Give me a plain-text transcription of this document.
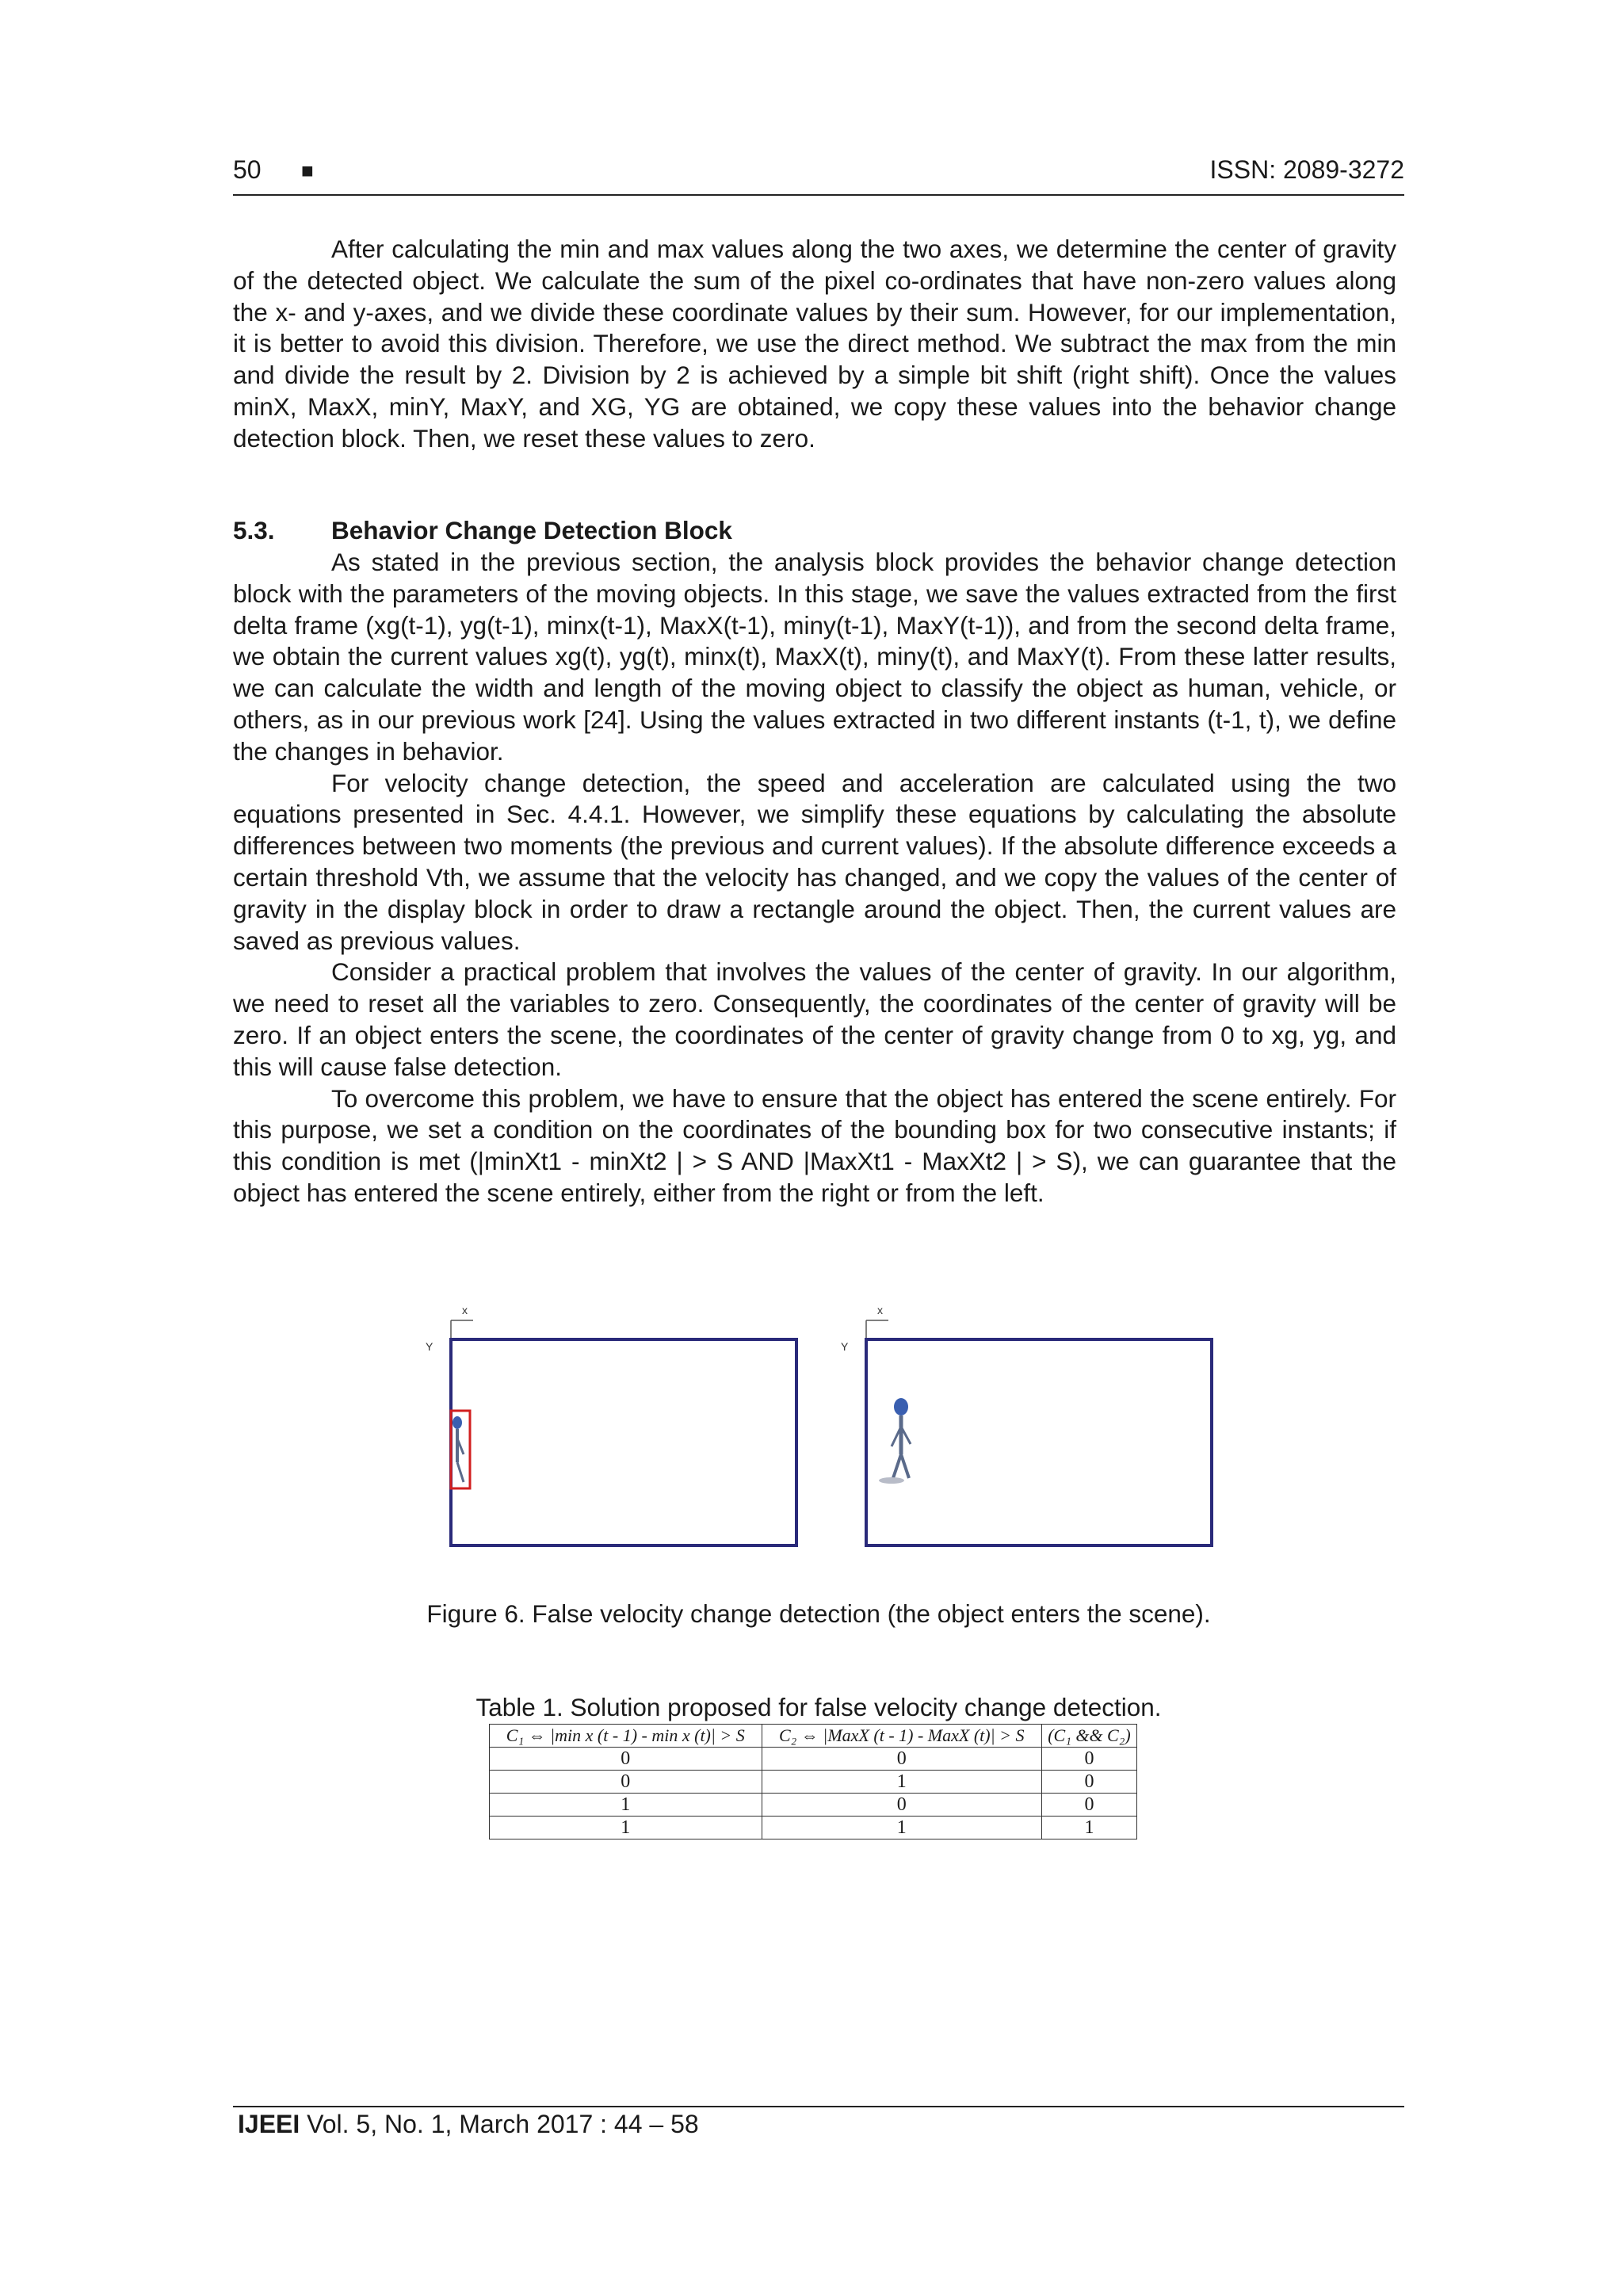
50 ■	ISSN: 2089-3272

After calculating the min and max values along the two axes, we determine the center of gravity of the detected object. We calculate the sum of the pixel co-ordinates that have non-zero values along the x- and y-axes, and we divide these coordinate values by their sum. However, for our implementation, it is better to avoid this division. Therefore, we use the direct method. We subtract the max from the min and divide the result by 2. Division by 2 is achieved by a simple bit shift (right shift). Once the values minX, MaxX, minY, MaxY, and XG, YG are obtained, we copy these values into the behavior change detection block. Then, we reset these values to zero.

5.3. Behavior Change Detection Block

As stated in the previous section, the analysis block provides the behavior change detection block with the parameters of the moving objects. In this stage, we save the values extracted from the first delta frame (xg(t-1), yg(t-1), minx(t-1), MaxX(t-1), miny(t-1), MaxY(t-1)), and from the second delta frame, we obtain the current values xg(t), yg(t), minx(t), MaxX(t), miny(t), and MaxY(t). From these latter results, we can calculate the width and length of the moving object to classify the object as human, vehicle, or others, as in our previous work [24]. Using the values extracted in two different instants (t-1, t), we define the changes in behavior.

For velocity change detection, the speed and acceleration are calculated using the two equations presented in Sec. 4.4.1. However, we simplify these equations by calculating the absolute differences between two moments (the previous and current values). If the absolute difference exceeds a certain threshold Vth, we assume that the velocity has changed, and we copy the values of the center of gravity in the display block in order to draw a rectangle around the object. Then, the current values are saved as previous values.

Consider a practical problem that involves the values of the center of gravity. In our algorithm, we need to reset all the variables to zero. Consequently, the coordinates of the center of gravity will be zero. If an object enters the scene, the coordinates of the center of gravity change from 0 to xg, yg, and this will cause false detection.

To overcome this problem, we have to ensure that the object has entered the scene entirely. For this purpose, we set a condition on the coordinates of the bounding box for two consecutive instants; if this condition is met (|minXt1 - minXt2 | > S AND |MaxXt1 - MaxXt2 | > S), we can guarantee that the object has entered the scene entirely, either from the right or from the left.

x
Y
x
Y
Figure 6. False velocity change detection (the object enters the scene).
Table 1. Solution proposed for false velocity change detection.
C₁ ⇔ |min x (t - 1) - min x (t)| > S	C₂ ⇔ |MaxX (t - 1) - MaxX (t)| > S	(C₁ && C₂)
0	0	0
0	1	0
1	0	0
1	1	1
IJEEI Vol. 5, No. 1, March 2017 : 44 – 58
